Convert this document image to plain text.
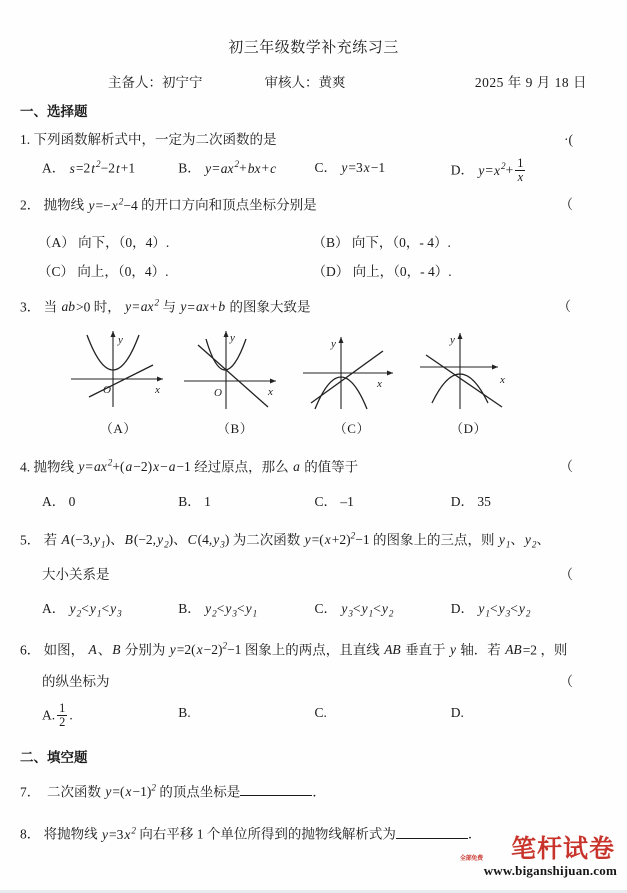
初三年级数学补充练习三
主备人：初宁宁	审核人：黄爽	2025 年 9 月 18 日
一、选择题
1. 下列函数解析式中，一定为二次函数的是	·(
A． $s=2t^2-2t+1$	B． $y=ax^2+bx+c$	C． y=3x−1	D． $y=x^2+ \frac{1}{x}$
2． 抛物线 $y=-x^2-4$ 的开口方向和顶点坐标分别是	（
（A） 向下，（0，4）.	（B） 向下，（0，- 4）.
（C） 向上，（0，4）.	（D） 向上，（0，- 4）.
3． 当 ab>0 时， $y=ax^2$ 与 y=ax+b 的图象大致是	（
y
x
O
（A）
y
x
O
（B）
y
x
（C）
y
x
（D）
4. 抛物线 $y=ax^2+(a-2)x-a-1$ 经过原点，那么 a 的值等于	（
A． 0	B． 1	C． –1	D． 35
5． 若 $A(-3,y_1)$、$B(-2,y_2)$、$C(4,y_3)$ 为二次函数 $y=(x+2)^2-1$ 的图象上的三点，则 $y_1$、$y_2$、
大小关系是	（
A． $y_2<y_1<y_3$	B． $y_2<y_3<y_1$	C． $y_3<y_1<y_2$	D． $y_1<y_3<y_2$
6． 如图， A、B 分别为 $y=2(x-2)^2-1$ 图象上的两点，且直线 AB 垂直于 y 轴．若 AB=2 ，则
的纵坐标为	（
A. $\frac{1}{2}$ .	B.	C.	D.
二、填空题
7． 二次函数 $y=(x-1)^2$ 的顶点坐标是	．
8． 将抛物线 $y=3x^2$ 向右平移 1 个单位所得到的抛物线解析式为	．	笔杆试卷
全部免费
www.biganshijuan.com
